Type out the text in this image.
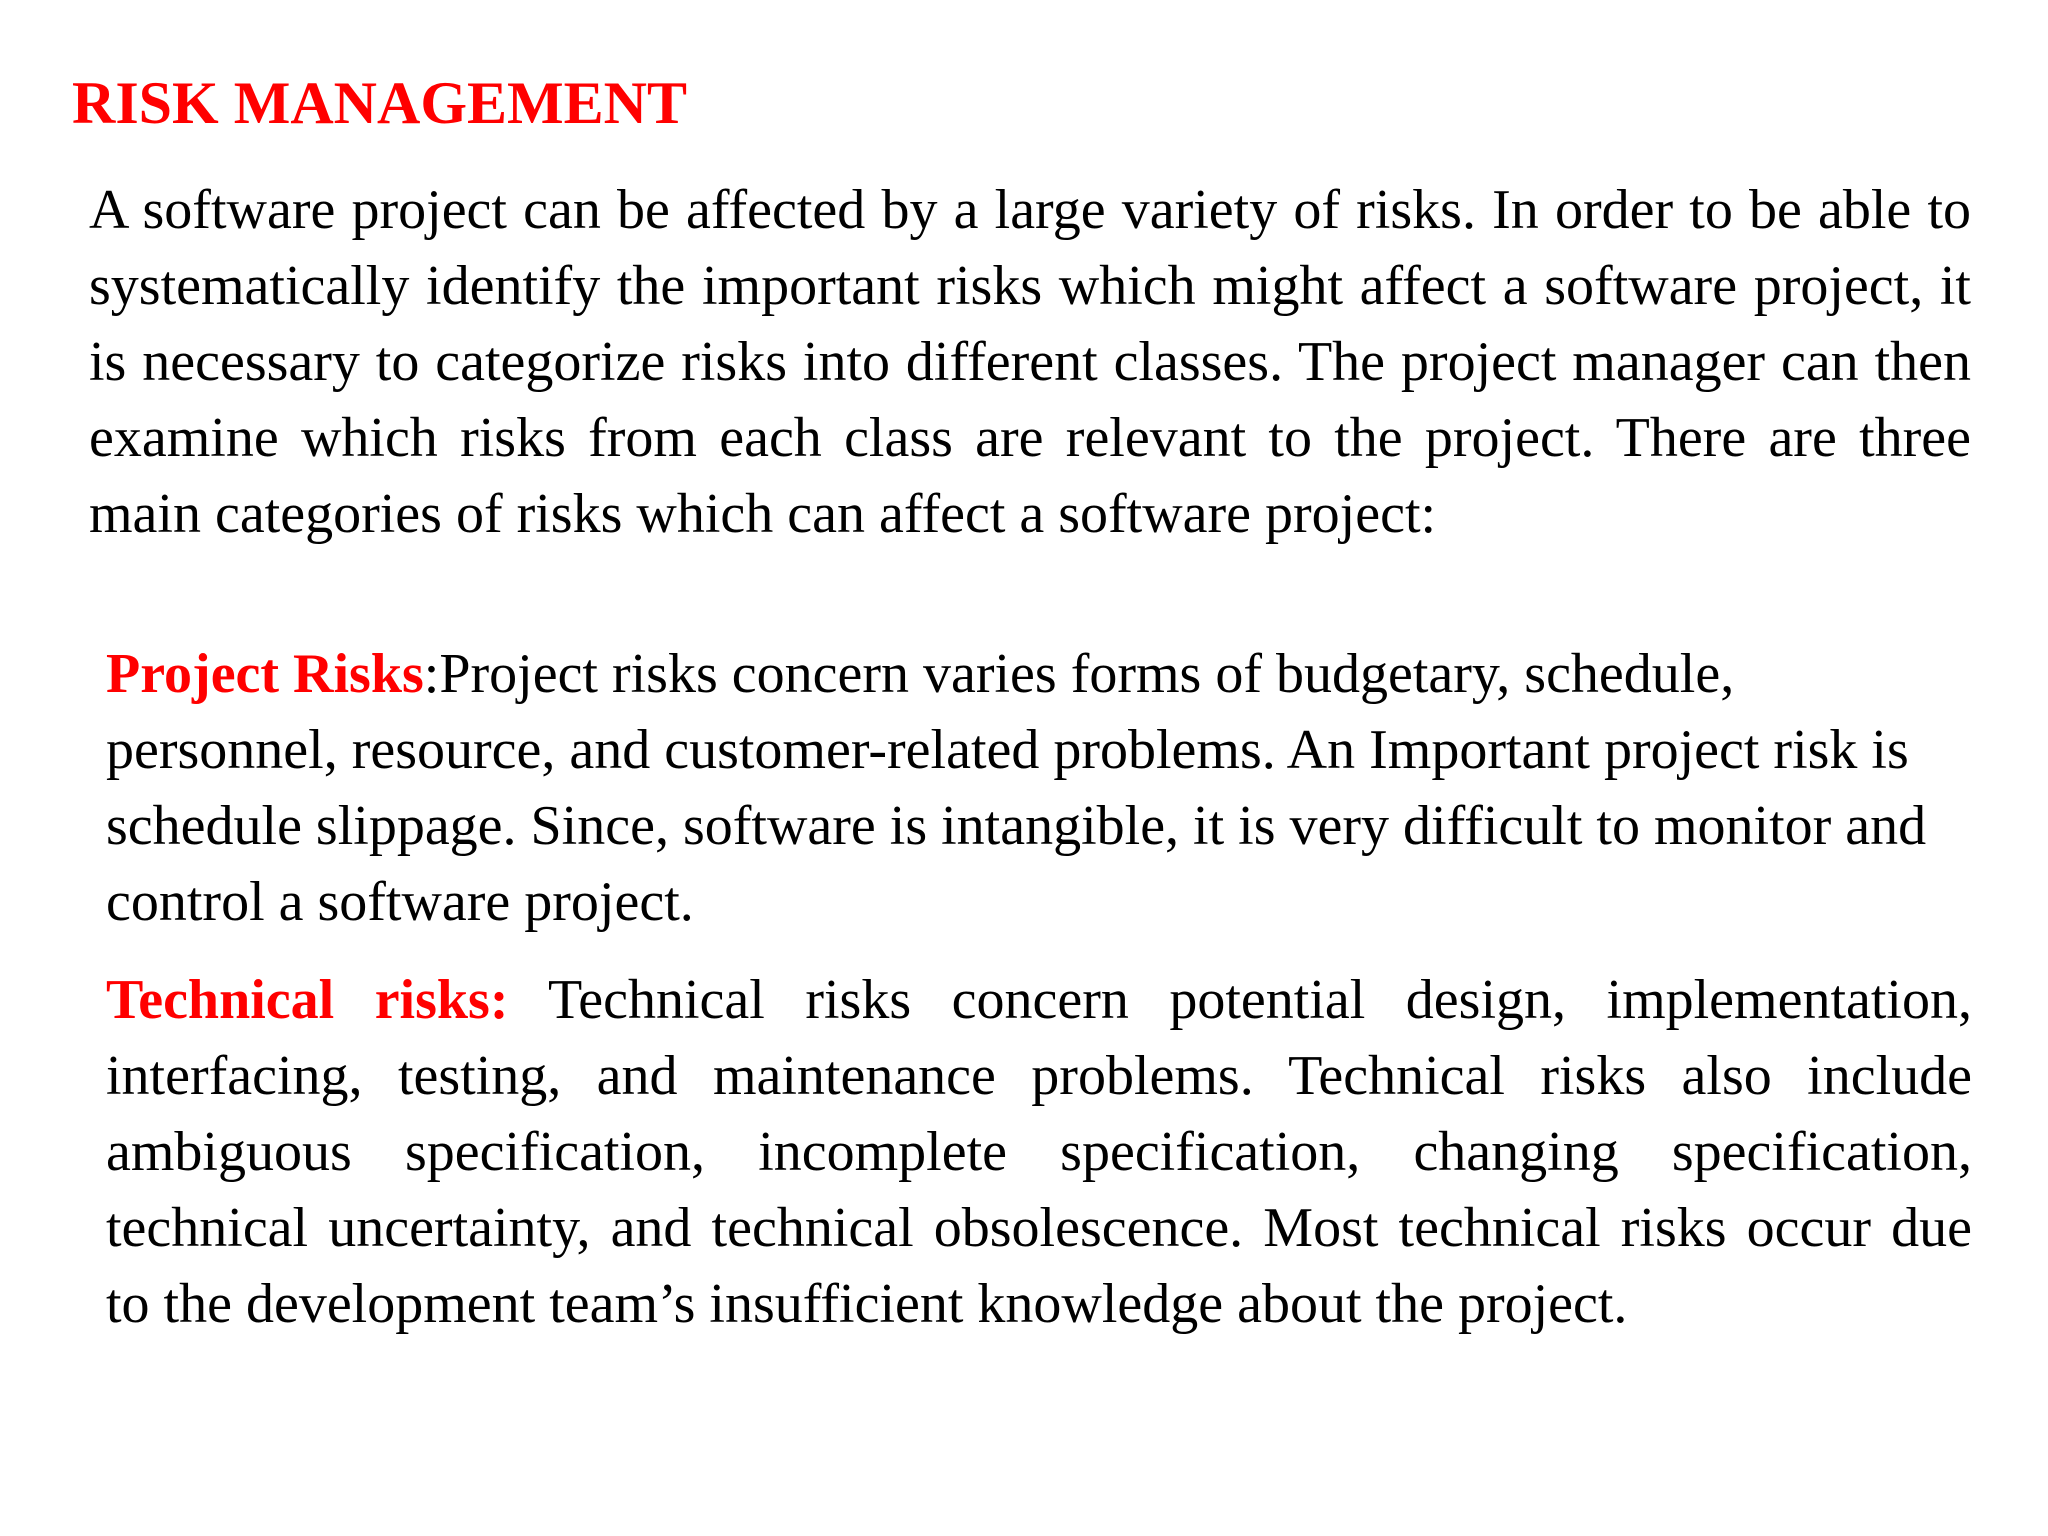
RISK MANAGEMENT

A software project can be affected by a large variety of risks. In order to be able to systematically identify the important risks which might affect a software project, it is necessary to categorize risks into different classes. The project manager can then examine which risks from each class are relevant to the project. There are three main categories of risks which can affect a software project:

Project Risks:Project risks concern varies forms of budgetary, schedule, personnel, resource, and customer-related problems. An Important project risk is schedule slippage. Since, software is intangible, it is very difficult to monitor and control a software project.

Technical risks: Technical risks concern potential design, implementation, interfacing, testing, and maintenance problems. Technical risks also include ambiguous specification, incomplete specification, changing specification, technical uncertainty, and technical obsolescence. Most technical risks occur due to the development team’s insufficient knowledge about the project.
